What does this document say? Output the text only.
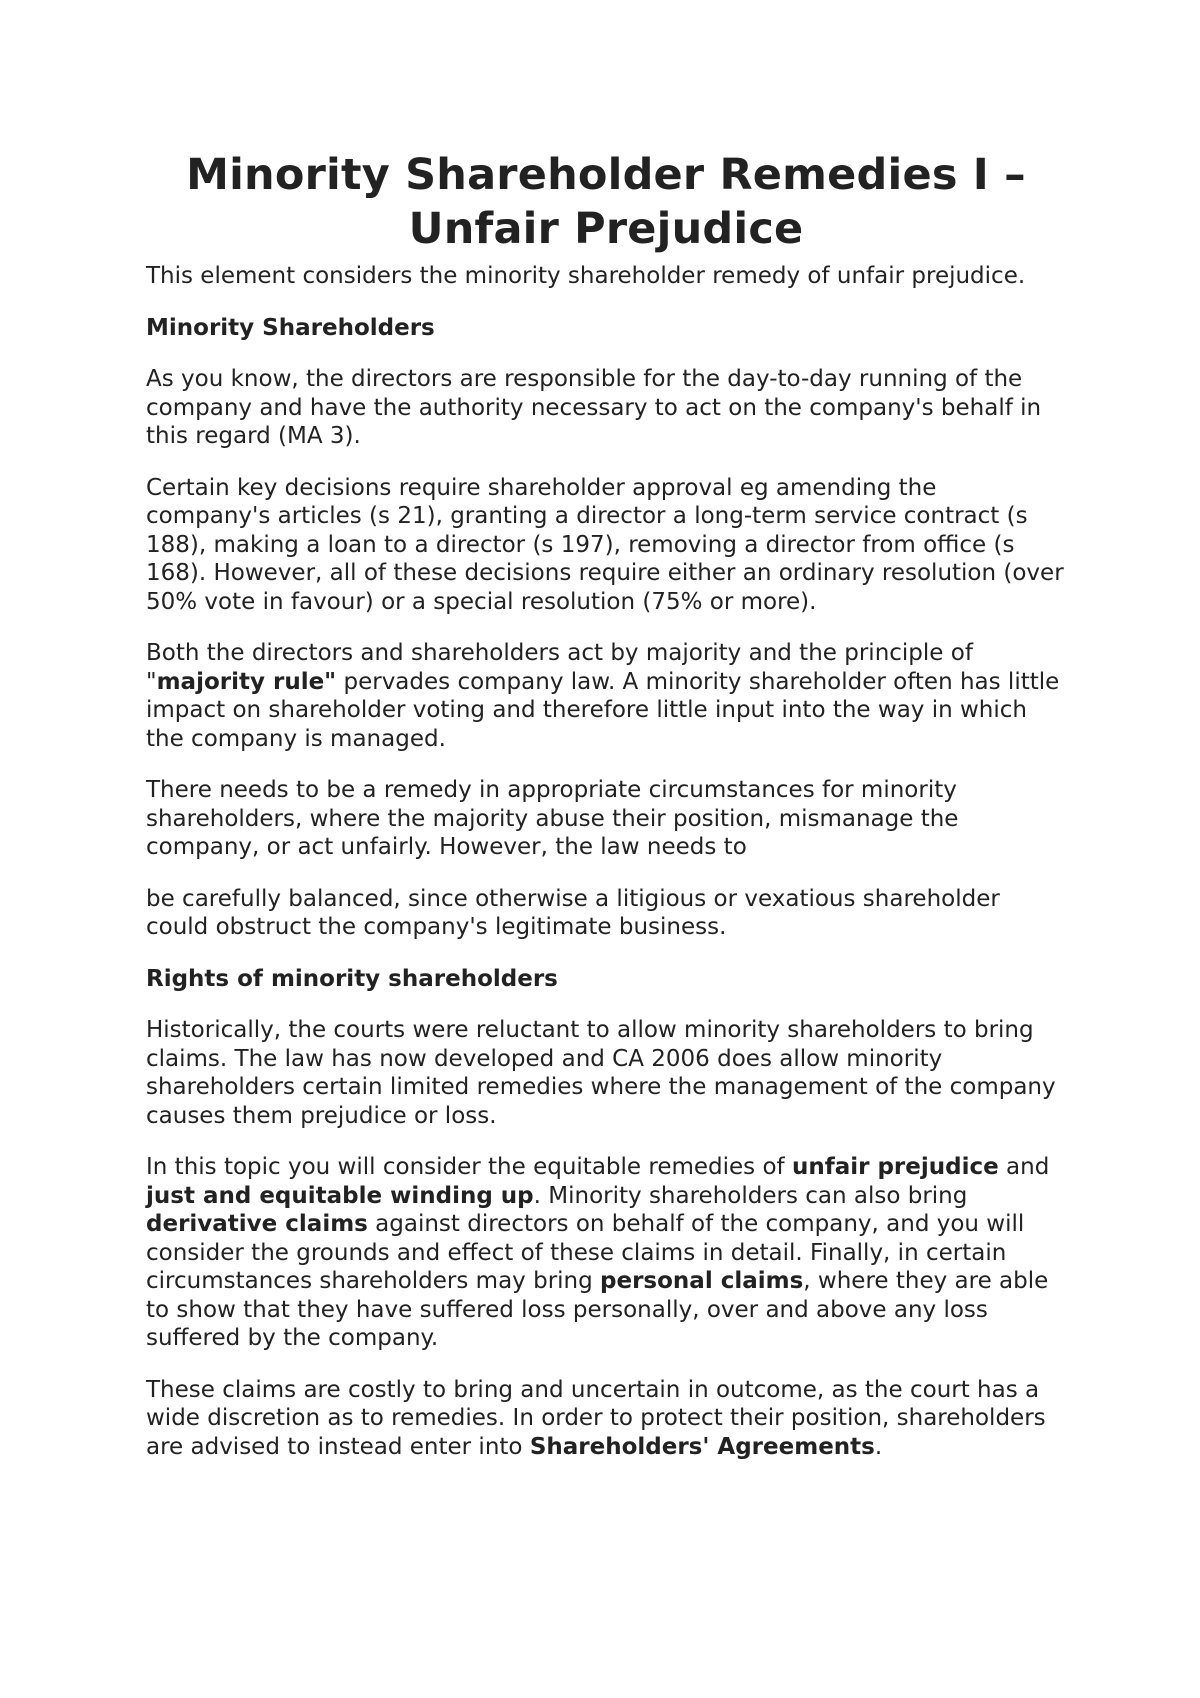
Minority Shareholder Remedies I – Unfair Prejudice

This element considers the minority shareholder remedy of unfair prejudice.

Minority Shareholders

As you know, the directors are responsible for the day-to-day running of the company and have the authority necessary to act on the company's behalf in this regard (MA 3).

Certain key decisions require shareholder approval eg amending the company's articles (s 21), granting a director a long-term service contract (s 188), making a loan to a director (s 197), removing a director from office (s 168). However, all of these decisions require either an ordinary resolution (over 50% vote in favour) or a special resolution (75% or more).

Both the directors and shareholders act by majority and the principle of "majority rule" pervades company law. A minority shareholder often has little impact on shareholder voting and therefore little input into the way in which the company is managed.

There needs to be a remedy in appropriate circumstances for minority shareholders, where the majority abuse their position, mismanage the company, or act unfairly. However, the law needs to

be carefully balanced, since otherwise a litigious or vexatious shareholder could obstruct the company's legitimate business.

Rights of minority shareholders

Historically, the courts were reluctant to allow minority shareholders to bring claims. The law has now developed and CA 2006 does allow minority shareholders certain limited remedies where the management of the company causes them prejudice or loss.

In this topic you will consider the equitable remedies of unfair prejudice and just and equitable winding up. Minority shareholders can also bring derivative claims against directors on behalf of the company, and you will consider the grounds and effect of these claims in detail. Finally, in certain circumstances shareholders may bring personal claims, where they are able to show that they have suffered loss personally, over and above any loss suffered by the company.

These claims are costly to bring and uncertain in outcome, as the court has a wide discretion as to remedies. In order to protect their position, shareholders are advised to instead enter into Shareholders' Agreements.
